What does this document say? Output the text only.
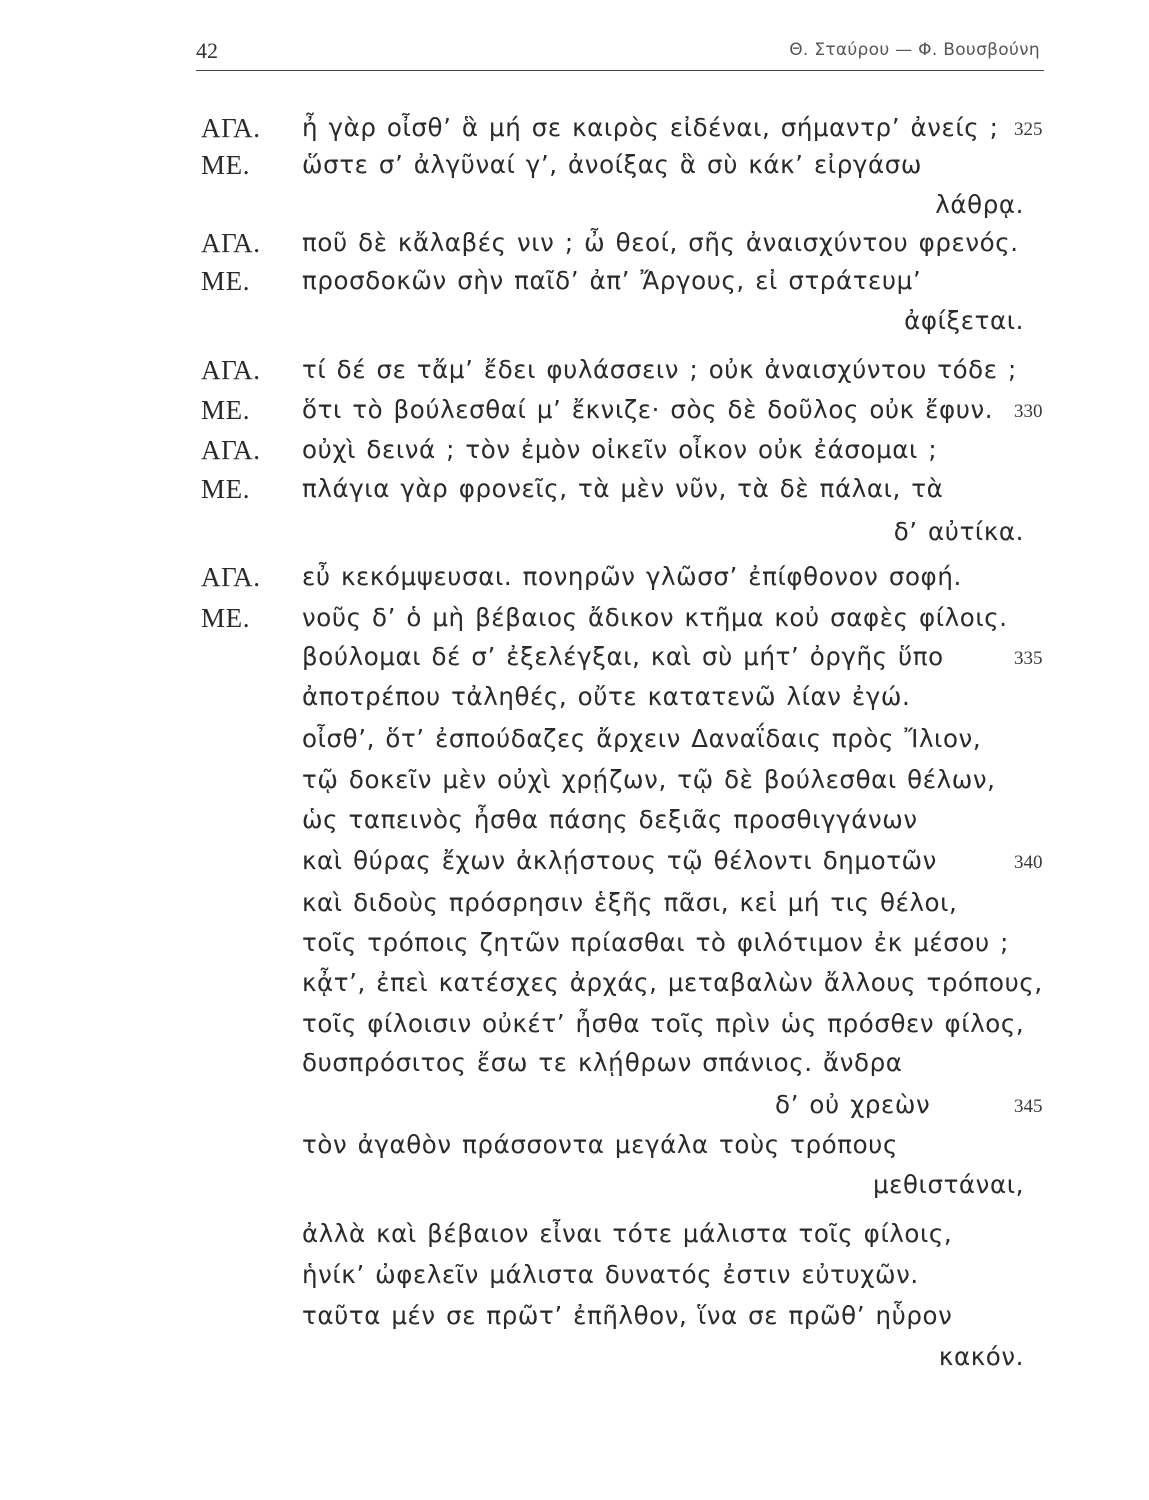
42	Θ. Σταύρου — Φ. Βουσβούνη
ΑΓΑ. ἦ γὰρ οἶσθ’ ἃ μή σε καιρὸς εἰδέναι, σήμαντρ’ ἀνείς ; 325
ΜΕ. ὥστε σ’ ἀλγῦναί γ’, ἀνοίξας ἃ σὺ κάκ’ εἰργάσω
λάθρᾳ.
ΑΓΑ. ποῦ δὲ κἄλαβές νιν ; ὦ θεοί, σῆς ἀναισχύντου φρενός.
ΜΕ. προσδοκῶν σὴν παῖδ’ ἀπ’ Ἄργους, εἰ στράτευμ’
ἀφίξεται.
ΑΓΑ. τί δέ σε τἄμ’ ἔδει φυλάσσειν ; οὐκ ἀναισχύντου τόδε ;
ΜΕ. ὅτι τὸ βούλεσθαί μ’ ἔκνιζε· σὸς δὲ δοῦλος οὐκ ἔφυν. 330
ΑΓΑ. οὐχὶ δεινά ; τὸν ἐμὸν οἰκεῖν οἶκον οὐκ ἐάσομαι ;
ΜΕ. πλάγια γὰρ φρονεῖς, τὰ μὲν νῦν, τὰ δὲ πάλαι, τὰ
δ’ αὐτίκα.
ΑΓΑ. εὖ κεκόμψευσαι. πονηρῶν γλῶσσ’ ἐπίφθονον σοφή.
ΜΕ. νοῦς δ’ ὁ μὴ βέβαιος ἄδικον κτῆμα κοὐ σαφὲς φίλοις.
βούλομαι δέ σ’ ἐξελέγξαι, καὶ σὺ μήτ’ ὀργῆς ὕπο	335
ἀποτρέπου τἀληθές, οὔτε κατατενῶ λίαν ἐγώ.
οἶσθ’, ὅτ’ ἐσπούδαζες ἄρχειν Δαναΐδαις πρὸς Ἴλιον,
τῷ δοκεῖν μὲν οὐχὶ χρῄζων, τῷ δὲ βούλεσθαι θέλων,
ὡς ταπεινὸς ἦσθα πάσης δεξιᾶς προσθιγγάνων
καὶ θύρας ἔχων ἀκλῄστους τῷ θέλοντι δημοτῶν	340
καὶ διδοὺς πρόσρησιν ἑξῆς πᾶσι, κεἰ μή τις θέλοι,
τοῖς τρόποις ζητῶν πρίασθαι τὸ φιλότιμον ἐκ μέσου ;
κᾆτ’, ἐπεὶ κατέσχες ἀρχάς, μεταβαλὼν ἄλλους τρόπους,
τοῖς φίλοισιν οὐκέτ’ ἦσθα τοῖς πρὶν ὡς πρόσθεν φίλος,
δυσπρόσιτος ἔσω τε κλῄθρων σπάνιος. ἄνδρα
δ’ οὐ χρεὼν	345
τὸν ἀγαθὸν πράσσοντα μεγάλα τοὺς τρόπους
μεθιστάναι,
ἀλλὰ καὶ βέβαιον εἶναι τότε μάλιστα τοῖς φίλοις,
ἡνίκ’ ὠφελεῖν μάλιστα δυνατός ἐστιν εὐτυχῶν.
ταῦτα μέν σε πρῶτ’ ἐπῆλθον, ἵνα σε πρῶθ’ ηὗρον
κακόν.
